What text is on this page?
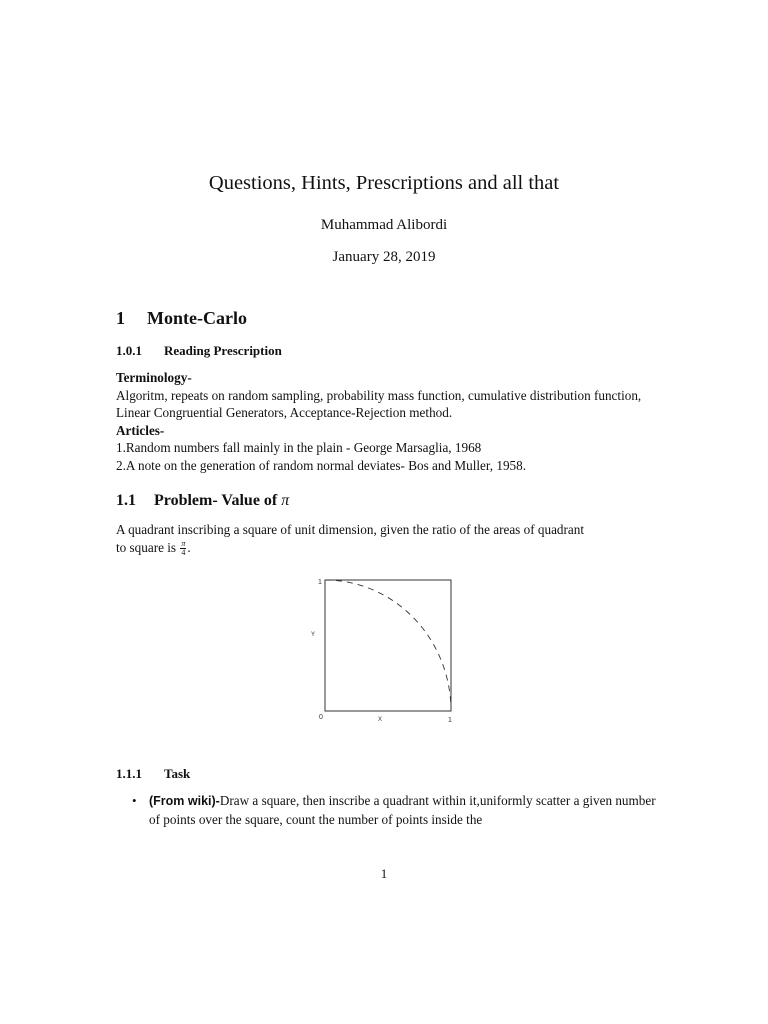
Questions, Hints, Prescriptions and all that
Muhammad Alibordi
January 28, 2019
1 Monte-Carlo
1.0.1 Reading Prescription
Terminology-
Algoritm, repeats on random sampling, probability mass function, cumulative distribution function, Linear Congruential Generators, Acceptance-Rejection method.
Articles-
1.Random numbers fall mainly in the plain - George Marsaglia, 1968
2.A note on the generation of random normal deviates- Bos and Muller, 1958.
1.1 Problem- Value of π
A quadrant inscribing a square of unit dimension, given the ratio of the areas of quadrant
to square is $\frac{\pi}{4}$ .
1
Y
0	X	1
1.1.1 Task
• (From wiki)-Draw a square, then inscribe a quadrant within it,uniformly scatter a given number of points over the square, count the number of points inside the
1
